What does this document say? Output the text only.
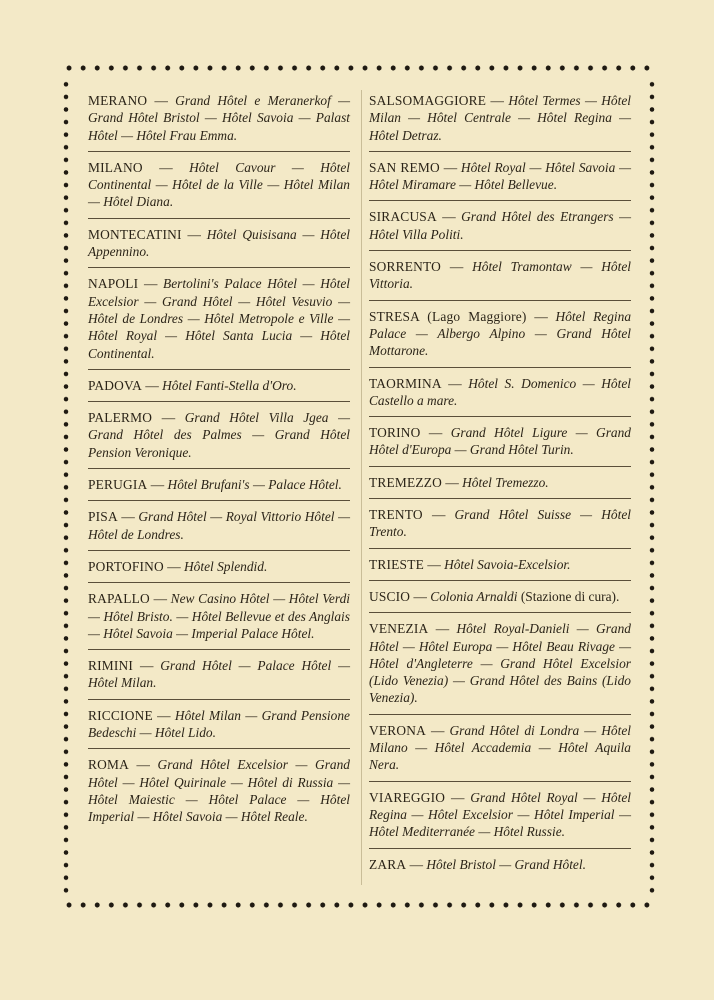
MERANO — Grand Hôtel e Meranerkof — Grand Hôtel Bristol — Hôtel Savoia — Palast Hôtel — Hôtel Frau Emma.
MILANO — Hôtel Cavour — Hôtel Continental — Hôtel de la Ville — Hôtel Milan — Hôtel Diana.
MONTECATINI — Hôtel Quisisana — Hôtel Appennino.
NAPOLI — Bertolini's Palace Hôtel — Hôtel Excelsior — Grand Hôtel — Hôtel Vesuvio — Hôtel de Londres — Hôtel Metropole e Ville — Hôtel Royal — Hôtel Santa Lucia — Hôtel Continental.
PADOVA — Hôtel Fanti-Stella d'Oro.
PALERMO — Grand Hôtel Villa Jgea — Grand Hôtel des Palmes — Grand Hôtel Pension Veronique.
PERUGIA — Hôtel Brufani's — Palace Hôtel.
PISA — Grand Hôtel — Royal Vittorio Hôtel — Hôtel de Londres.
PORTOFINO — Hôtel Splendid.
RAPALLO — New Casino Hôtel — Hôtel Verdi — Hôtel Bristo. — Hôtel Bellevue et des Anglais — Hôtel Savoia — Imperial Palace Hôtel.
RIMINI — Grand Hôtel — Palace Hôtel — Hôtel Milan.
RICCIONE — Hôtel Milan — Grand Pensione Bedeschi — Hôtel Lido.
ROMA — Grand Hôtel Excelsior — Grand Hôtel — Hôtel Quirinale — Hôtel di Russia — Hôtel Maiestic — Hôtel Palace — Hôtel Imperial — Hôtel Savoia — Hôtel Reale.
SALSOMAGGIORE — Hôtel Termes — Hôtel Milan — Hôtel Centrale — Hôtel Regina — Hôtel Detraz.
SAN REMO — Hôtel Royal — Hôtel Savoia — Hôtel Miramare — Hôtel Bellevue.
SIRACUSA — Grand Hôtel des Etrangers — Hôtel Villa Politi.
SORRENTO — Hôtel Tramontaw — Hôtel Vittoria.
STRESA (Lago Maggiore) — Hôtel Regina Palace — Albergo Alpino — Grand Hôtel Mottarone.
TAORMINA — Hôtel S. Domenico — Hôtel Castello a mare.
TORINO — Grand Hôtel Ligure — Grand Hôtel d'Europa — Grand Hôtel Turin.
TREMEZZO — Hôtel Tremezzo.
TRENTO — Grand Hôtel Suisse — Hôtel Trento.
TRIESTE — Hôtel Savoia-Excelsior.
USCIO — Colonia Arnaldi (Stazione di cura).
VENEZIA — Hôtel Royal-Danieli — Grand Hôtel — Hôtel Europa — Hôtel Beau Rivage — Hôtel d'Angleterre — Grand Hôtel Excelsior (Lido Venezia) — Grand Hôtel des Bains (Lido Venezia).
VERONA — Grand Hôtel di Londra — Hôtel Milano — Hôtel Accademia — Hôtel Aquila Nera.
VIAREGGIO — Grand Hôtel Royal — Hôtel Regina — Hôtel Excelsior — Hôtel Imperial — Hôtel Mediterranée — Hôtel Russie.
ZARA — Hôtel Bristol — Grand Hôtel.
